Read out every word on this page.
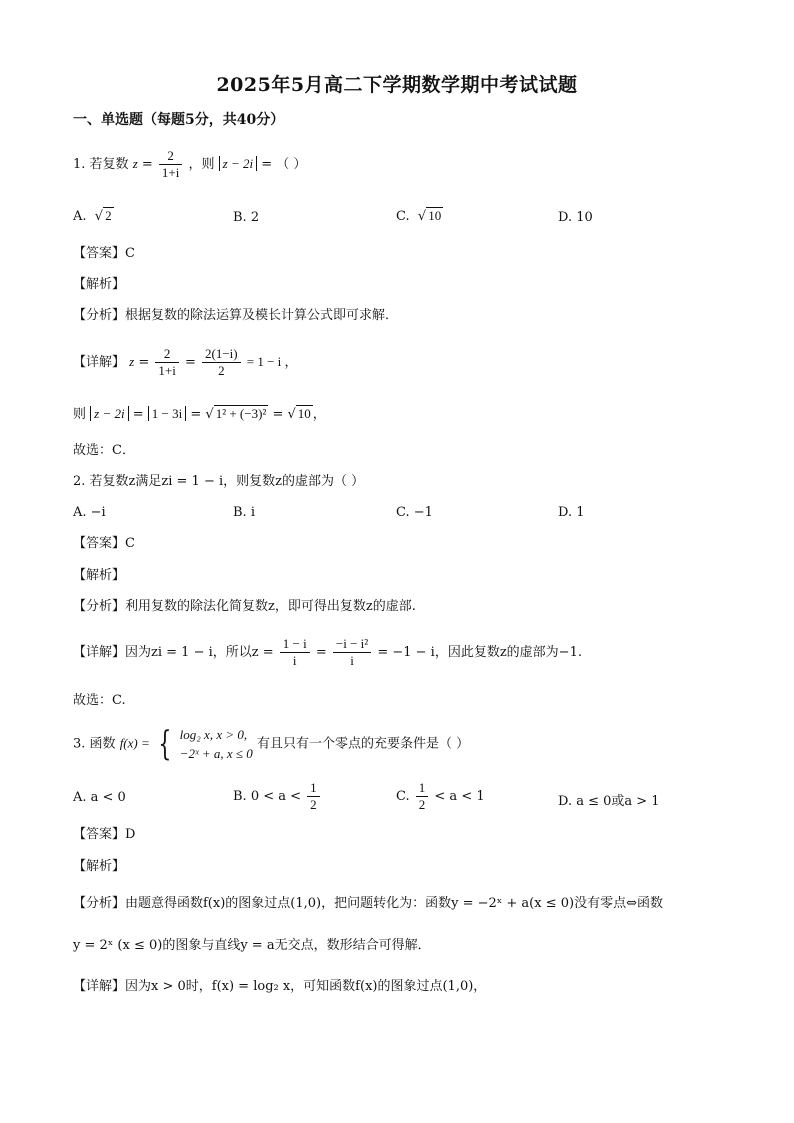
2025年5月高二下学期数学期中考试试题
一、单选题（每题5分，共40分）
1. 若复数 $z = \frac{2}{1+i}$ ，则 z − 2i = （ ）
A.  √ 2	B. 2	C.  √ 10	D. 10
【答案】C
【解析】
【分析】根据复数的除法运算及模长计算公式即可求解．
【详解】 $z = \frac{2}{1+i} = \frac{2(1-i)}{2} = 1 - i$ ，
则 z − 2i = 1 − 3i = √ 1² + (−3)² = √ 10 ，
故选：C．
2. 若复数z满足zi = 1 − i，则复数z的虚部为（ ）
A. −i	B. i	C. −1	D. 1
【答案】C
【解析】
【分析】利用复数的除法化简复数z，即可得出复数z的虚部.
【详解】因为zi = 1 − i，所以$z = \frac{1 - i}{i} = \frac{\text{−i − i²}}{i} = -1 - i$，因此复数z的虚部为−1.
故选：C.
3. 函数 f(x) = { log₂ x, x > 0,
−2ˣ + a, x ≤ 0
有且只有一个零点的充要条件是（ ）
A. a < 0	B. $0 < a < \frac{1}{2}$	C. $\frac{1}{2} < a < 1$	D. a ≤ 0或a > 1
【答案】D
【解析】
【分析】由题意得函数f(x)的图象过点(1,0)，把问题转化为：函数y = −2ˣ + a(x ≤ 0)没有零点⇔函数
y = 2ˣ (x ≤ 0)的图象与直线y = a无交点，数形结合可得解．
【详解】因为x > 0时，f(x) = log₂ x，可知函数f(x)的图象过点(1,0)，
